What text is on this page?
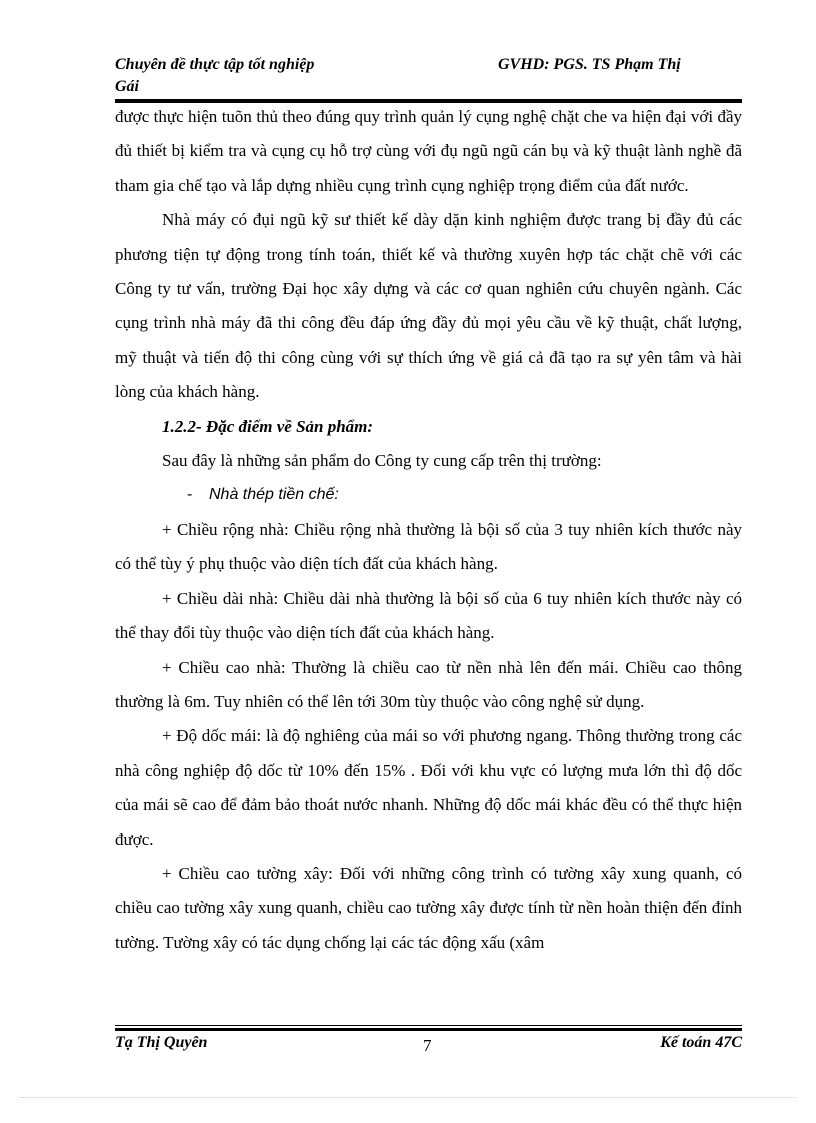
Chuyên đề thực tập tốt nghiệp
Gái
GVHD: PGS. TS Phạm Thị

được thực hiện tuõn thủ theo đúng quy trình quản lý cụng nghệ chặt che va hiện đại với đầy đủ thiết bị kiểm tra và cụng cụ hỗ trợ cùng với đụ ngũ ngũ cán bụ và kỹ thuật lành nghề đã tham gia chế tạo và lắp dựng nhiều cụng trình cụng nghiệp trọng điểm của đất nước.

Nhà máy có đụi ngũ kỹ sư thiết kế dày dặn kinh nghiệm được trang bị đầy đủ các phương tiện tự động trong tính toán, thiết kế và thường xuyên hợp tác chặt chẽ với các Công ty tư vấn, trường Đại học xây dựng và các cơ quan nghiên cứu chuyên ngành. Các cụng trình nhà máy đã thi công đều đáp ứng đầy đủ mọi yêu cầu về kỹ thuật, chất lượng, mỹ thuật và tiến độ thi công cùng với sự thích ứng về giá cả đã tạo ra sự yên tâm và hài lòng của khách hàng.

1.2.2- Đặc điểm về Sản phẩm:

Sau đây là những sản phẩm do Công ty cung cấp trên thị trường:

- Nhà thép tiền chế:

+ Chiều rộng nhà: Chiều rộng nhà thường là bội số của 3 tuy nhiên kích thước này có thể tùy ý phụ thuộc vào diện tích đất của khách hàng.

+ Chiều dài nhà: Chiều dài nhà thường là bội số của 6 tuy nhiên kích thước này có thể thay đổi tùy thuộc vào diện tích đất của khách hàng.

+ Chiều cao nhà: Thường là chiều cao từ nền nhà lên đến mái. Chiều cao thông thường là 6m. Tuy nhiên có thể lên tới 30m tùy thuộc vào công nghệ sử dụng.

+ Độ dốc mái: là độ nghiêng của mái so với phương ngang. Thông thường trong các nhà công nghiệp độ dốc từ 10% đến 15% . Đối với khu vực có lượng mưa lớn thì độ dốc của mái sẽ cao để đảm bảo thoát nước nhanh. Những độ dốc mái khác đều có thể thực hiện được.

+ Chiều cao tường xây: Đối với những công trình có tường xây xung quanh, có chiều cao tường xây xung quanh, chiều cao tường xây được tính từ nền hoàn thiện đến đỉnh tường. Tường xây có tác dụng chống lại các tác động xấu (xâm

Tạ Thị Quyên	7	Kế toán 47C
